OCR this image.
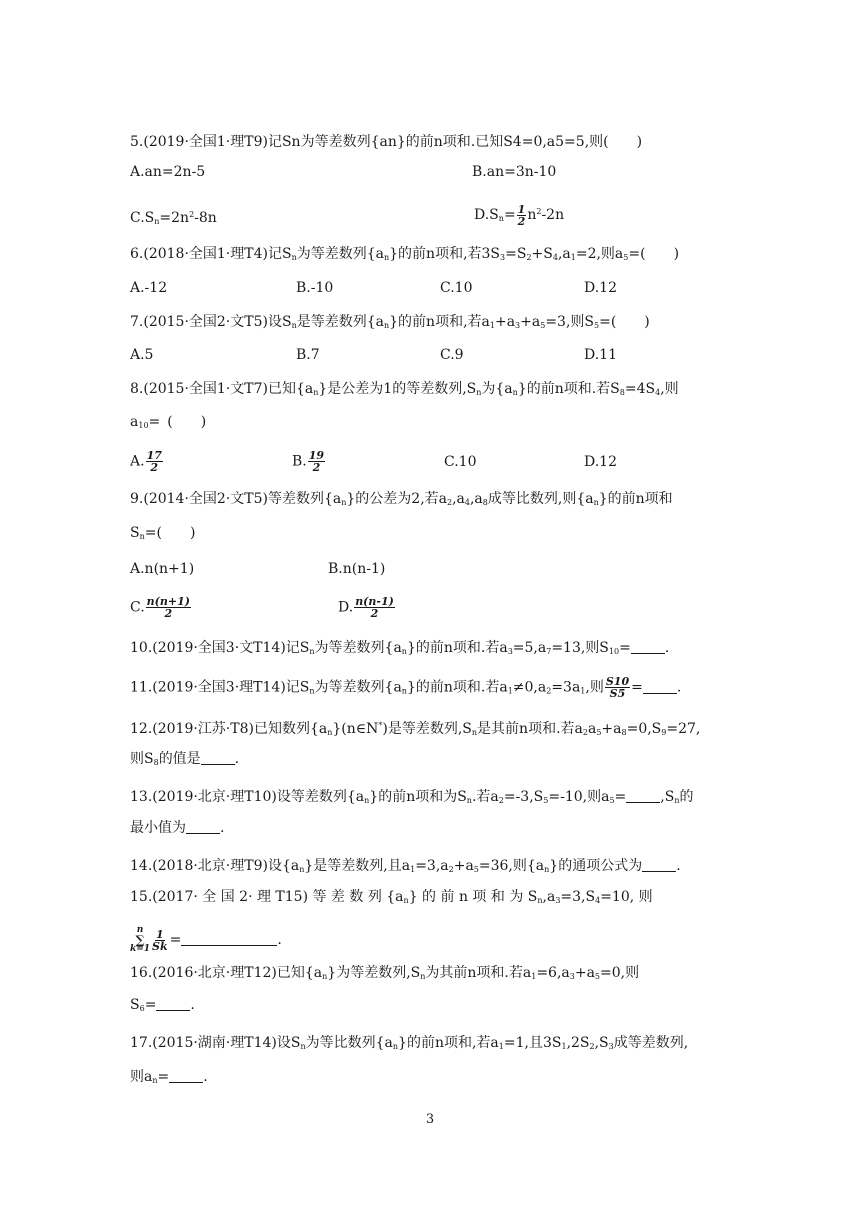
5.(2019·全国1·理T9)记Sn为等差数列{an}的前n项和.已知S4=0,a5=5,则(  )
A.an=2n-5	B.an=3n-10
$C.S_n=2n^2-8n$	$D.S_n= \frac{1}{2} n^2-2n$
6.(2018·全国1·理T4)记$S_n$为等差数列$\{a_n\}$的前n项和,若$3S_3=S_2+S_4,a_1=2$,则$a_5=$(  )
A.-12	B.-10	C.10	D.12
7.(2015·全国2·文T5)设$S_n$是等差数列$\{a_n\}$的前n项和,若$a_1+a_3+a_5=3$,则$S_5=$(  )
A.5	B.7	C.9	D.11
8.(2015·全国1·文T7)已知$\{a_n\}$是公差为1的等差数列$,S_n$为$\{a_n\}$的前n项和.若$S_8=4S_4$,则
$a_{10}=$ (  )
A. $\frac{17}{2}$	B. $\frac{19}{2}$	C.10	D.12
9.(2014·全国2·文T5)等差数列$\{a_n\}$的公差为2,若$a_2,a_4,a_8$成等比数列,则$\{a_n\}$的前n项和
$S_n=$(  )
A.n(n+1)	B.n(n-1)
C. $\frac{n(n+1)}{2}$	D. $\frac{n(n-1)}{2}$
10.(2019·全国3·文T14)记$S_n$为等差数列$\{a_n\}$的前n项和.若$a_3=5,a_7=13$,则$S_{10}=$ .
11.(2019·全国3·理T14)记$S_n$为等差数列$\{a_n\}$的前n项和.若$a_1\ne 0,a_2=3a_1$,则 $\frac{S10}{S5}$ = .
12.(2019·江苏·T8)已知数列$\{a_n\}(n\in N^*)$是等差数列$,S_n$是其前n项和.若$a_2a_5+a_8=0,S_9=27$,
则$S_8$的值是 .
13.(2019·北京·理T10)设等差数列$\{a_n\}$的前n项和为$S_n$.若$a_2=-3,S_5=-10$,则$a_5= ,S_n$的
最小值为 .
14.(2018·北京·理T9)设$\{a_n\}$是等差数列,且$a_1=3,a_2+a_5=36$,则$\{a_n\}$的通项公式为 .
15.(2017· 全 国 2· 理 T15) 等 差 数 列 $\{a_n\}$ 的 前 n 项 和 为 $S_n,a_3=3,S_4=10$, 则
n
∑
$k=1 \frac{1}{Sk}$ =	.
16.(2016·北京·理T12)已知$\{a_n\}$为等差数列$,S_n$为其前n项和.若$a_1=6,a_3+a_5=0$,则
$S_6=$ .
17.(2015·湖南·理T14)设$S_n$为等比数列$\{a_n\}$的前n项和,若$a_1=1$,且$3S_1,2S_2,S_3$成等差数列,
则$a_n=$ .
3
